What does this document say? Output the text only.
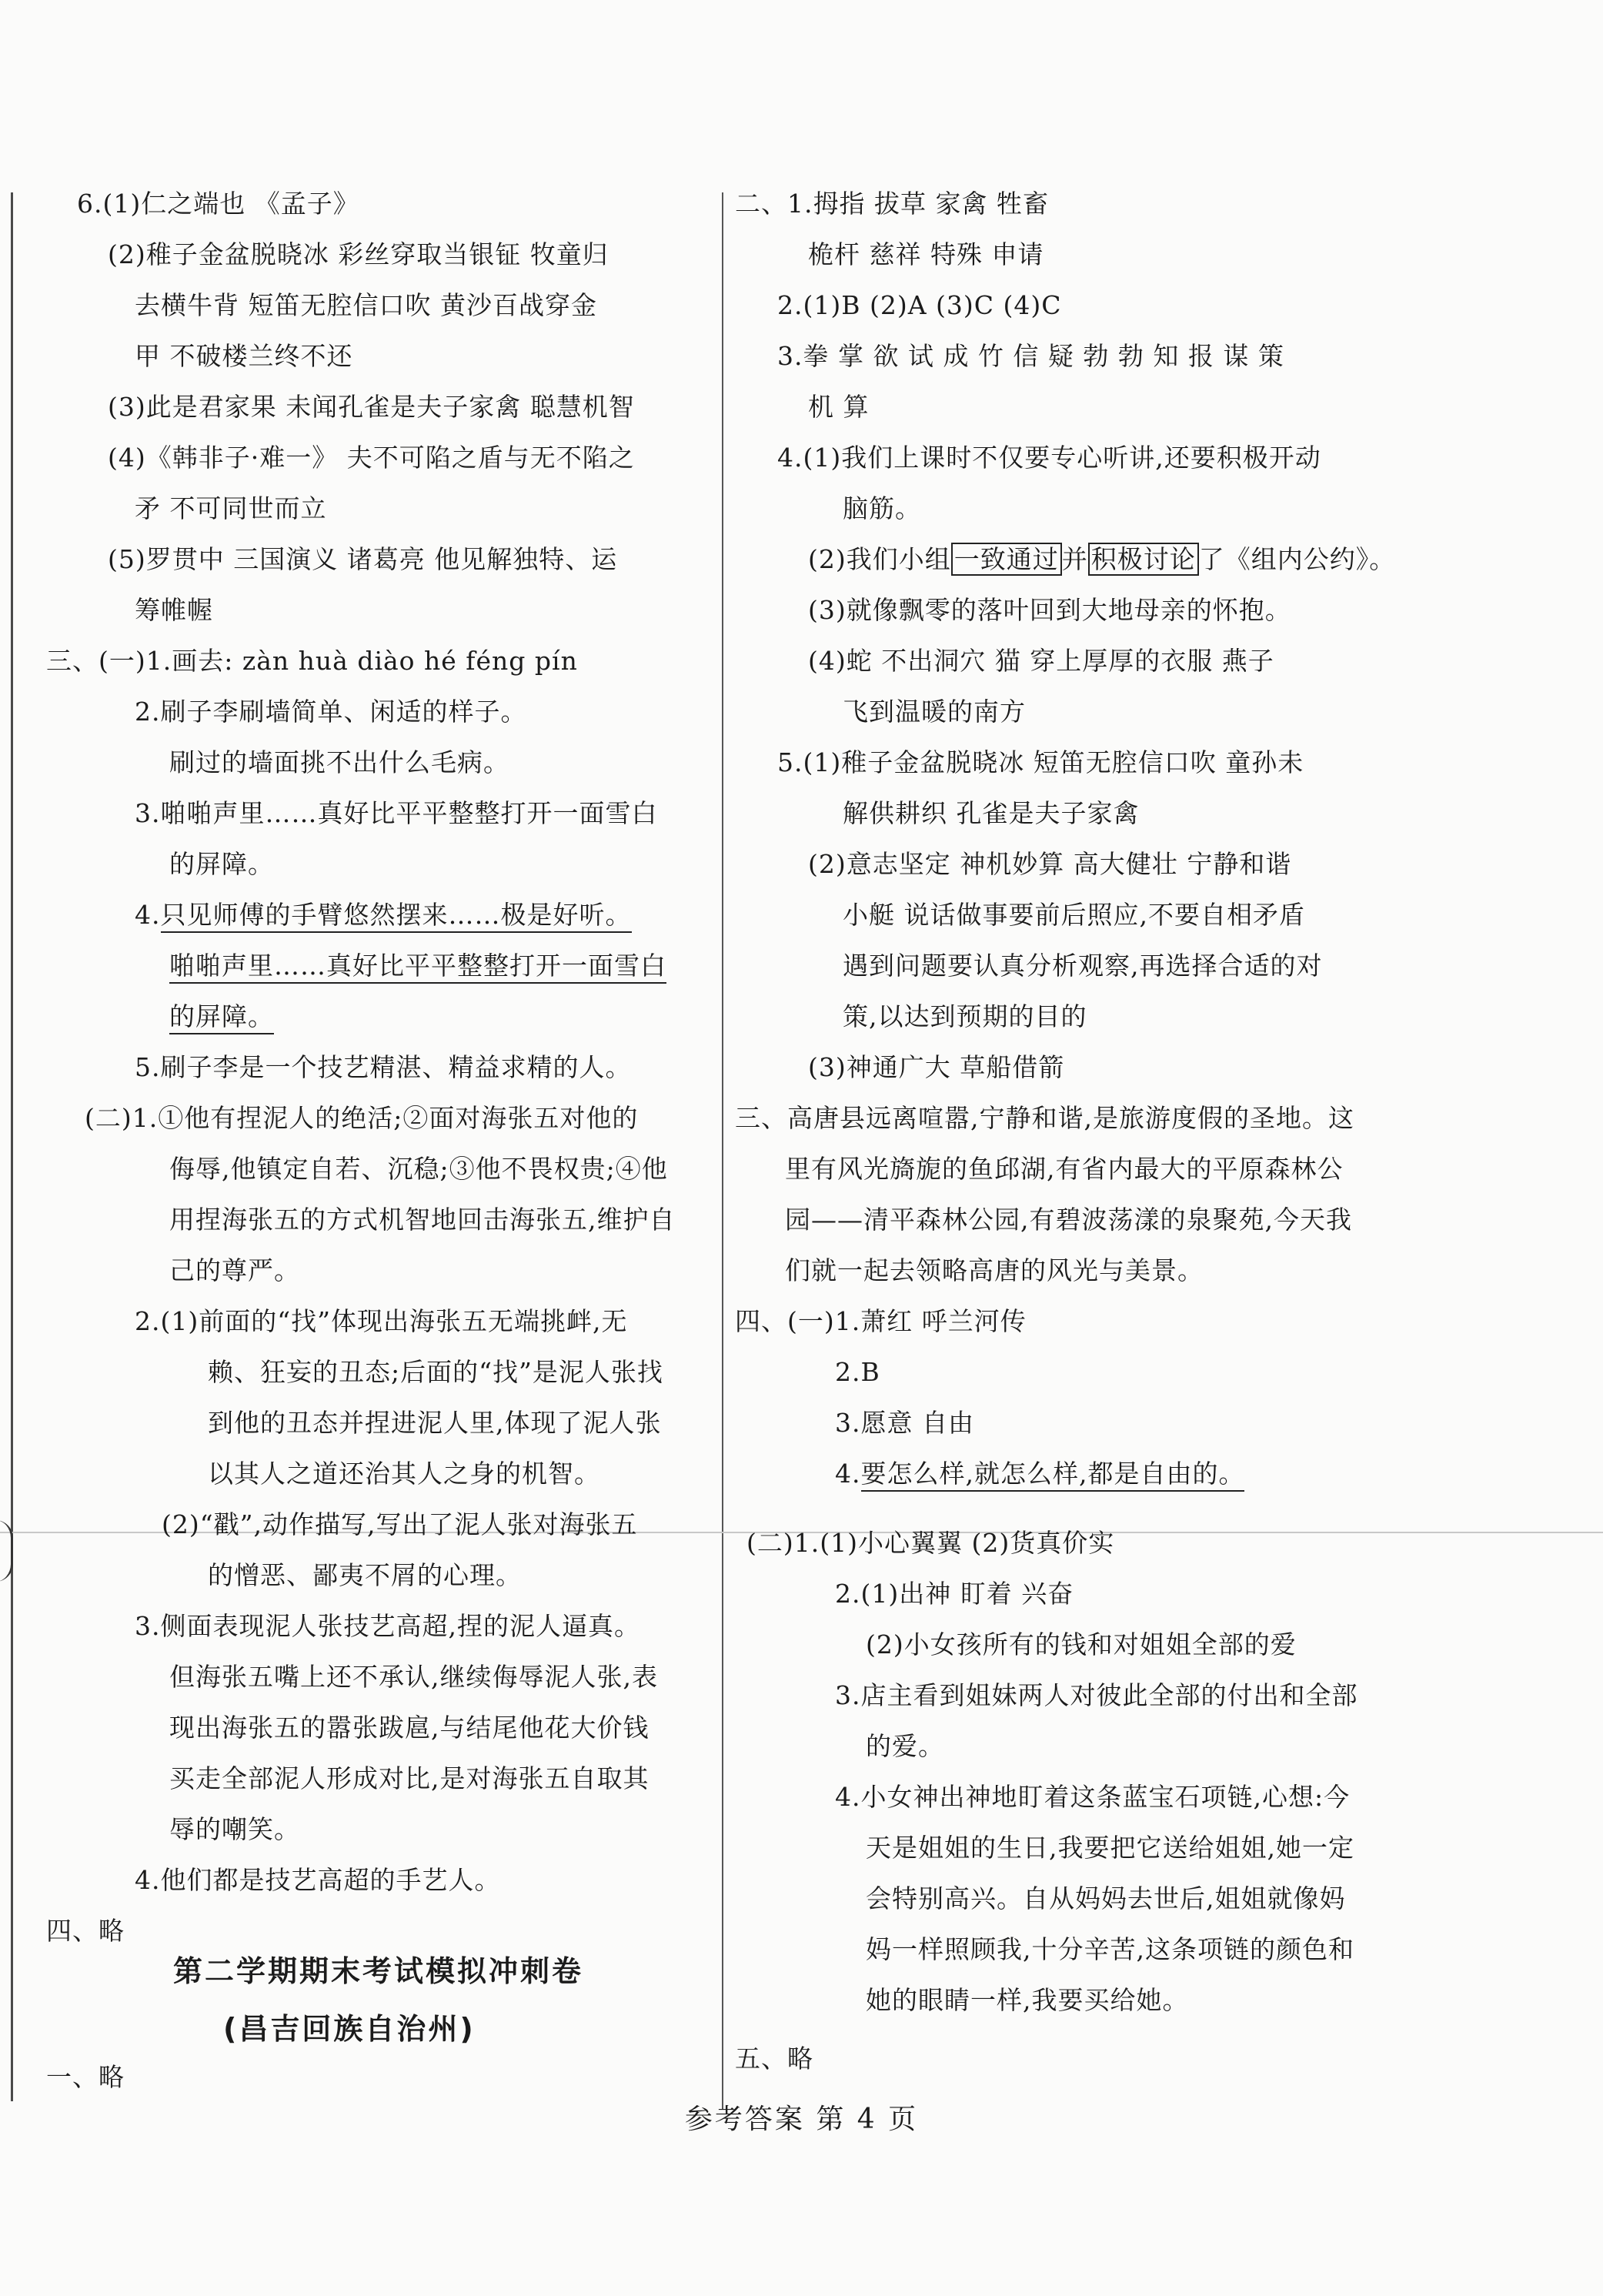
6.(1)仁之端也 《孟子》
(2)稚子金盆脱晓冰 彩丝穿取当银钲 牧童归
去横牛背 短笛无腔信口吹 黄沙百战穿金
甲 不破楼兰终不还
(3)此是君家果 未闻孔雀是夫子家禽 聪慧机智
(4)《韩非子·难一》 夫不可陷之盾与无不陷之
矛 不可同世而立
(5)罗贯中 三国演义 诸葛亮 他见解独特、运
筹帷幄
三、(一)1.画去: zàn huà diào hé féng pín
2.刷子李刷墙简单、闲适的样子。
刷过的墙面挑不出什么毛病。
3.啪啪声里……真好比平平整整打开一面雪白
的屏障。
4.只见师傅的手臂悠然摆来……极是好听。
啪啪声里……真好比平平整整打开一面雪白
的屏障。
5.刷子李是一个技艺精湛、精益求精的人。
(二)1.①他有捏泥人的绝活;②面对海张五对他的
侮辱,他镇定自若、沉稳;③他不畏权贵;④他
用捏海张五的方式机智地回击海张五,维护自
己的尊严。
2.(1)前面的“找”体现出海张五无端挑衅,无
赖、狂妄的丑态;后面的“找”是泥人张找
到他的丑态并捏进泥人里,体现了泥人张
以其人之道还治其人之身的机智。
(2)“戳”,动作描写,写出了泥人张对海张五
的憎恶、鄙夷不屑的心理。
3.侧面表现泥人张技艺高超,捏的泥人逼真。
但海张五嘴上还不承认,继续侮辱泥人张,表
现出海张五的嚣张跋扈,与结尾他花大价钱
买走全部泥人形成对比,是对海张五自取其
辱的嘲笑。
4.他们都是技艺高超的手艺人。
四、略
一、略
二、1.拇指 拔草 家禽 牲畜
桅杆 慈祥 特殊 申请
2.(1)B (2)A (3)C (4)C
3.拳 掌 欲 试 成 竹 信 疑 勃 勃 知 报 谋 策
机 算
4.(1)我们上课时不仅要专心听讲,还要积极开动
脑筋。
(2)我们小组 一致通过 并 积极讨论 了《组内公约》。
(3)就像飘零的落叶回到大地母亲的怀抱。
(4)蛇 不出洞穴 猫 穿上厚厚的衣服 燕子
飞到温暖的南方
5.(1)稚子金盆脱晓冰 短笛无腔信口吹 童孙未
解供耕织 孔雀是夫子家禽
(2)意志坚定 神机妙算 高大健壮 宁静和谐
小艇 说话做事要前后照应,不要自相矛盾
遇到问题要认真分析观察,再选择合适的对
策,以达到预期的目的
(3)神通广大 草船借箭
三、高唐县远离喧嚣,宁静和谐,是旅游度假的圣地。这
里有风光旖旎的鱼邱湖,有省内最大的平原森林公
园——清平森林公园,有碧波荡漾的泉聚苑,今天我
们就一起去领略高唐的风光与美景。
四、(一)1.萧红 呼兰河传
2.B
3.愿意 自由
4.要怎么样,就怎么样,都是自由的。
(二)1.(1)小心翼翼 (2)货真价实
2.(1)出神 盯着 兴奋
(2)小女孩所有的钱和对姐姐全部的爱
3.店主看到姐妹两人对彼此全部的付出和全部
的爱。
4.小女神出神地盯着这条蓝宝石项链,心想:今
天是姐姐的生日,我要把它送给姐姐,她一定
会特别高兴。自从妈妈去世后,姐姐就像妈
妈一样照顾我,十分辛苦,这条项链的颜色和
她的眼睛一样,我要买给她。
五、略
第二学期期末考试模拟冲刺卷
(昌吉回族自治州)
参考答案 第 4 页
